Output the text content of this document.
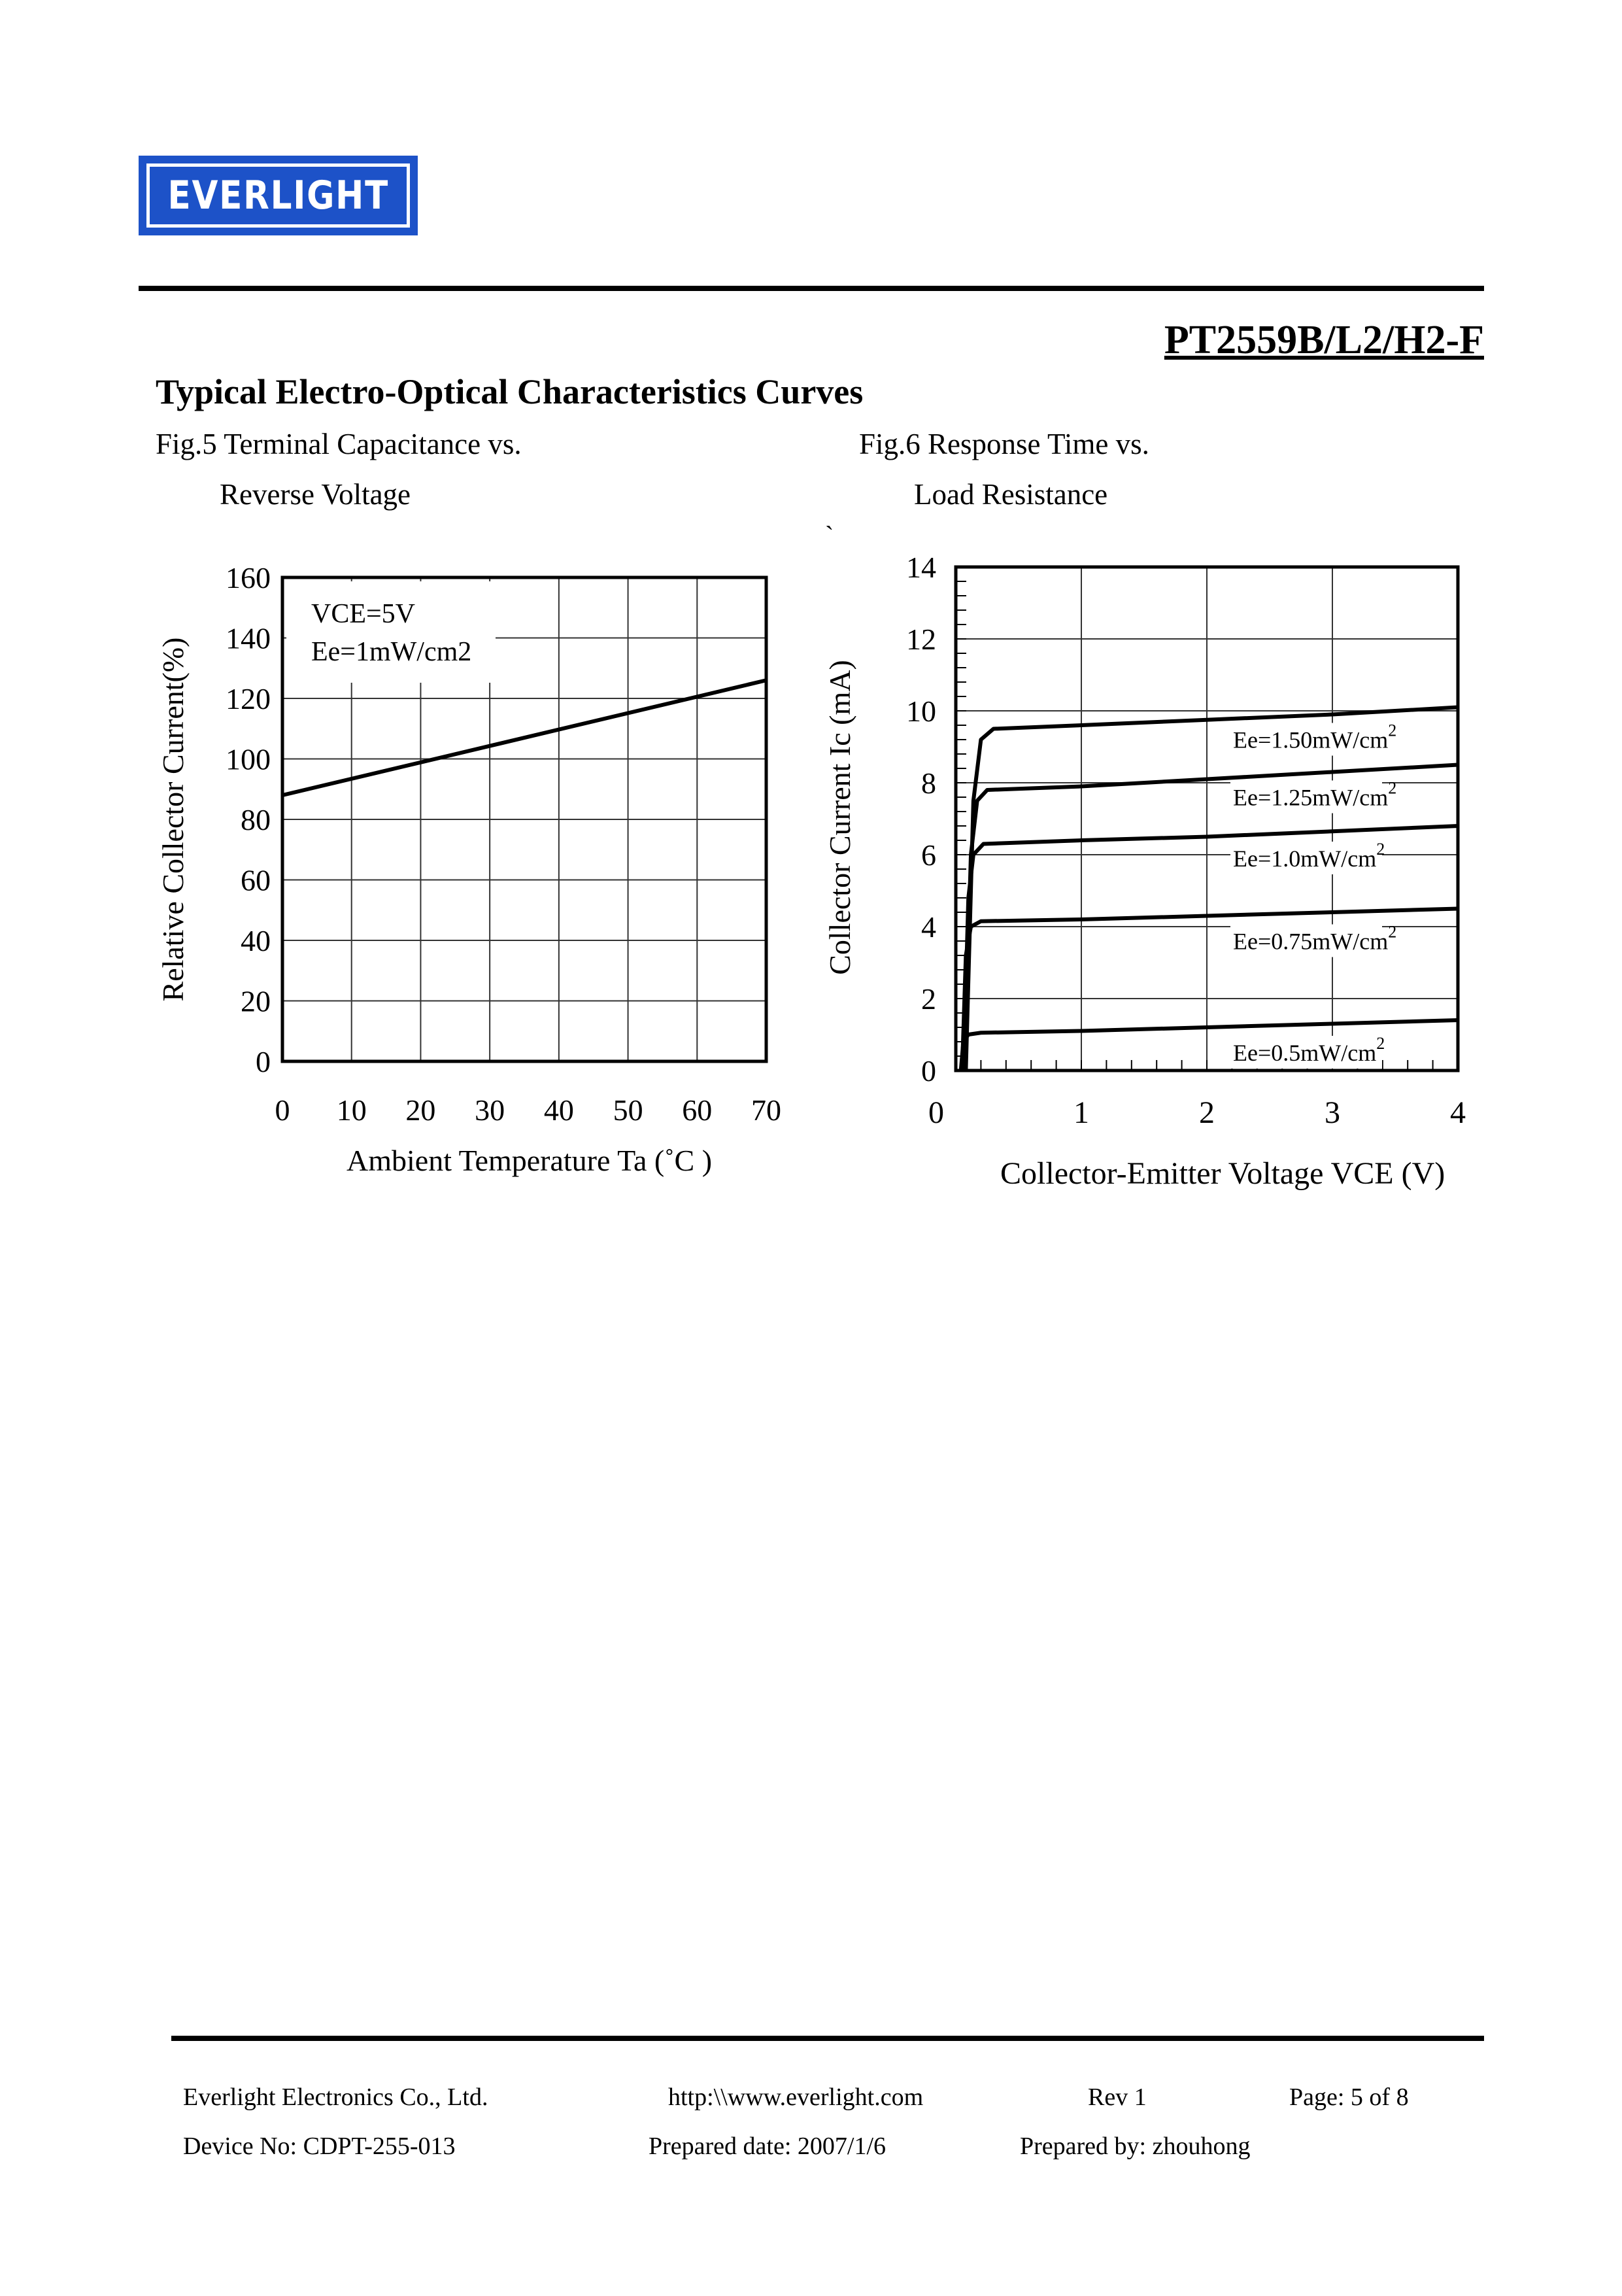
EVERLIGHT
PT2559B/L2/H2-F
Typical Electro-Optical Characteristics Curves
Fig.5 Terminal Capacitance vs.
Reverse Voltage
Fig.6 Response Time vs.
Load Resistance
`
0
20
40
60
80
100
120
140
160
0 10 20 30 40 50 60 70
VCE=5V
Ee=1mW/cm2
Ambient Temperature Ta (˚C )
Relative Collector Current(%)	$Ee=1.50mW/cm^2$
$Ee=1.25mW/cm^2$
$Ee=1.0mW/cm^2$
$Ee=0.75mW/cm^2$
$Ee=0.5mW/cm^2$
0
2
4
6
8
10
12
14
0	1	2	3	4
Collector-Emitter Voltage VCE (V)
Collector Current Ic (mA)
Everlight Electronics Co., Ltd.	http:\\www.everlight.com	Rev 1	Page: 5 of 8
Device No: CDPT-255-013	Prepared date: 2007/1/6	Prepared by: zhouhong
